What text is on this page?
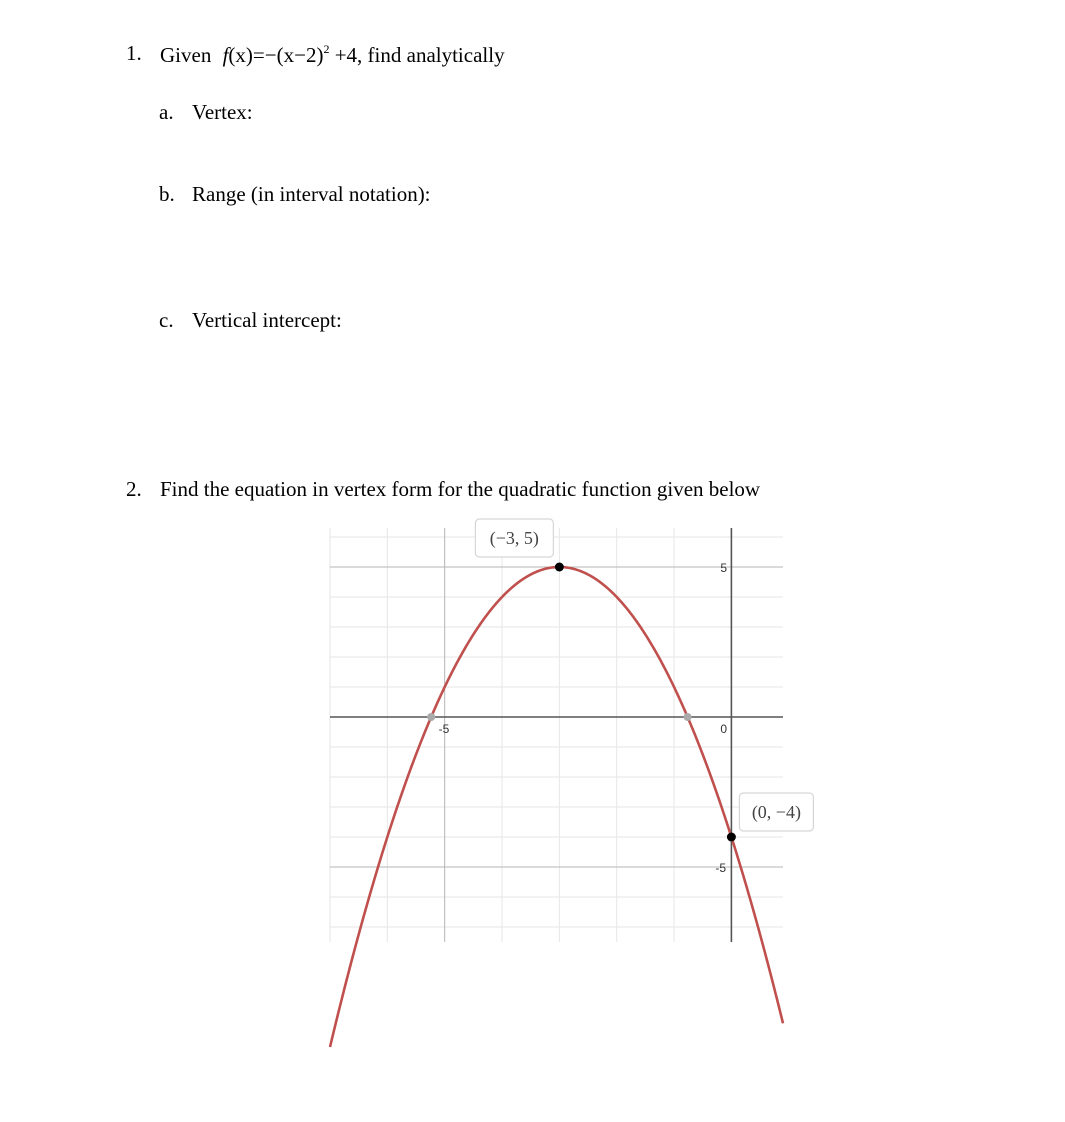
1. Given $f(x)=-(x-2)^2 +4$, find analytically
a. Vertex:
b. Range (in interval notation):
c. Vertical intercept:
2. Find the equation in vertex form for the quadratic function given below
-5	0
5
-5
(−3, 5)
(0, −4)
